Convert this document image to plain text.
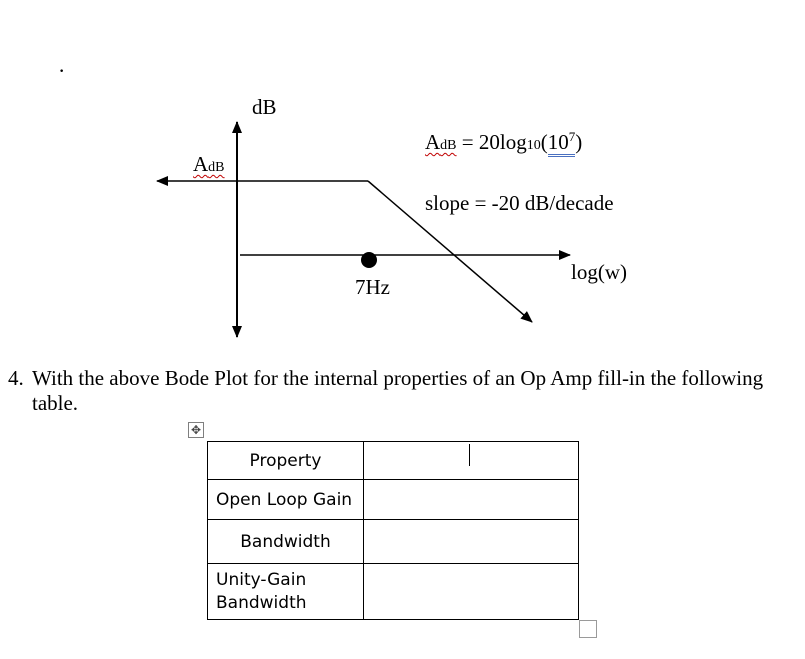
·
dB
AdB
AdB = $20\log 10(10^7)$
slope = -20 dB/decade
log(w)
7Hz
4. With the above Bode Plot for the internal properties of an Op Amp fill-in the following
table.
✥
Property	
Open Loop Gain	
Bandwidth	
Unity-Gain Bandwidth	
